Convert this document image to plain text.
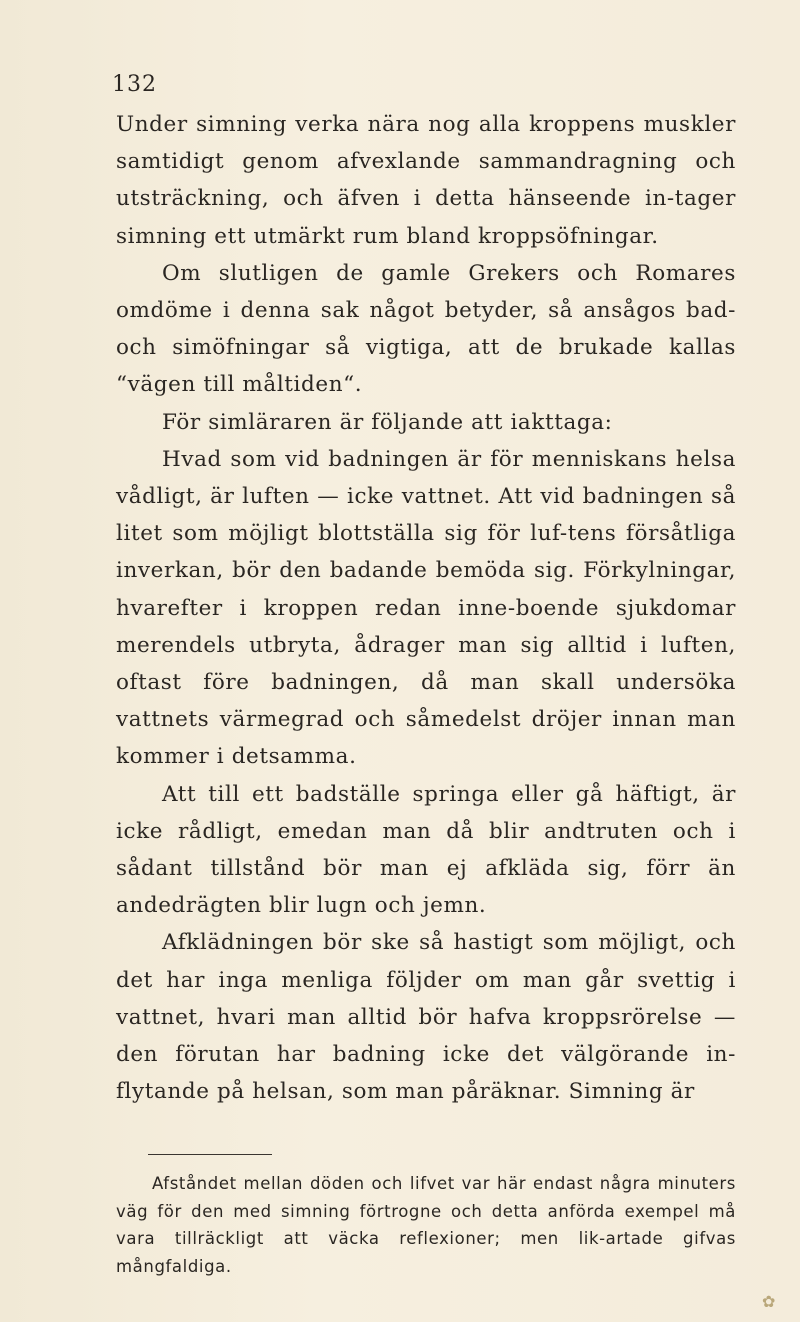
132

Under simning verka nära nog alla kroppens muskler samtidigt genom afvexlande sammandragning och utsträckning, och äfven i detta hänseende in-tager simning ett utmärkt rum bland kroppsöfningar.

Om slutligen de gamle Grekers och Romares omdöme i denna sak något betyder, så ansågos bad- och simöfningar så vigtiga, att de brukade kallas “vägen till måltiden“.

För simläraren är följande att iakttaga:

Hvad som vid badningen är för menniskans helsa vådligt, är luften — icke vattnet. Att vid badningen så litet som möjligt blottställa sig för luf-tens försåtliga inverkan, bör den badande bemöda sig. Förkylningar, hvarefter i kroppen redan inne-boende sjukdomar merendels utbryta, ådrager man sig alltid i luften, oftast före badningen, då man skall undersöka vattnets värmegrad och såmedelst dröjer innan man kommer i detsamma.

Att till ett badställe springa eller gå häftigt, är icke rådligt, emedan man då blir andtruten och i sådant tillstånd bör man ej afkläda sig, förr än andedrägten blir lugn och jemn.

Afklädningen bör ske så hastigt som möjligt, och det har inga menliga följder om man går svettig i vattnet, hvari man alltid bör hafva kroppsrörelse — den förutan har badning icke det välgörande in-flytande på helsan, som man påräknar. Simning är

Afståndet mellan döden och lifvet var här endast några minuters väg för den med simning förtrogne och detta anförda exempel må vara tillräckligt att väcka reflexioner; men lik-artade gifvas mångfaldiga.

✿
